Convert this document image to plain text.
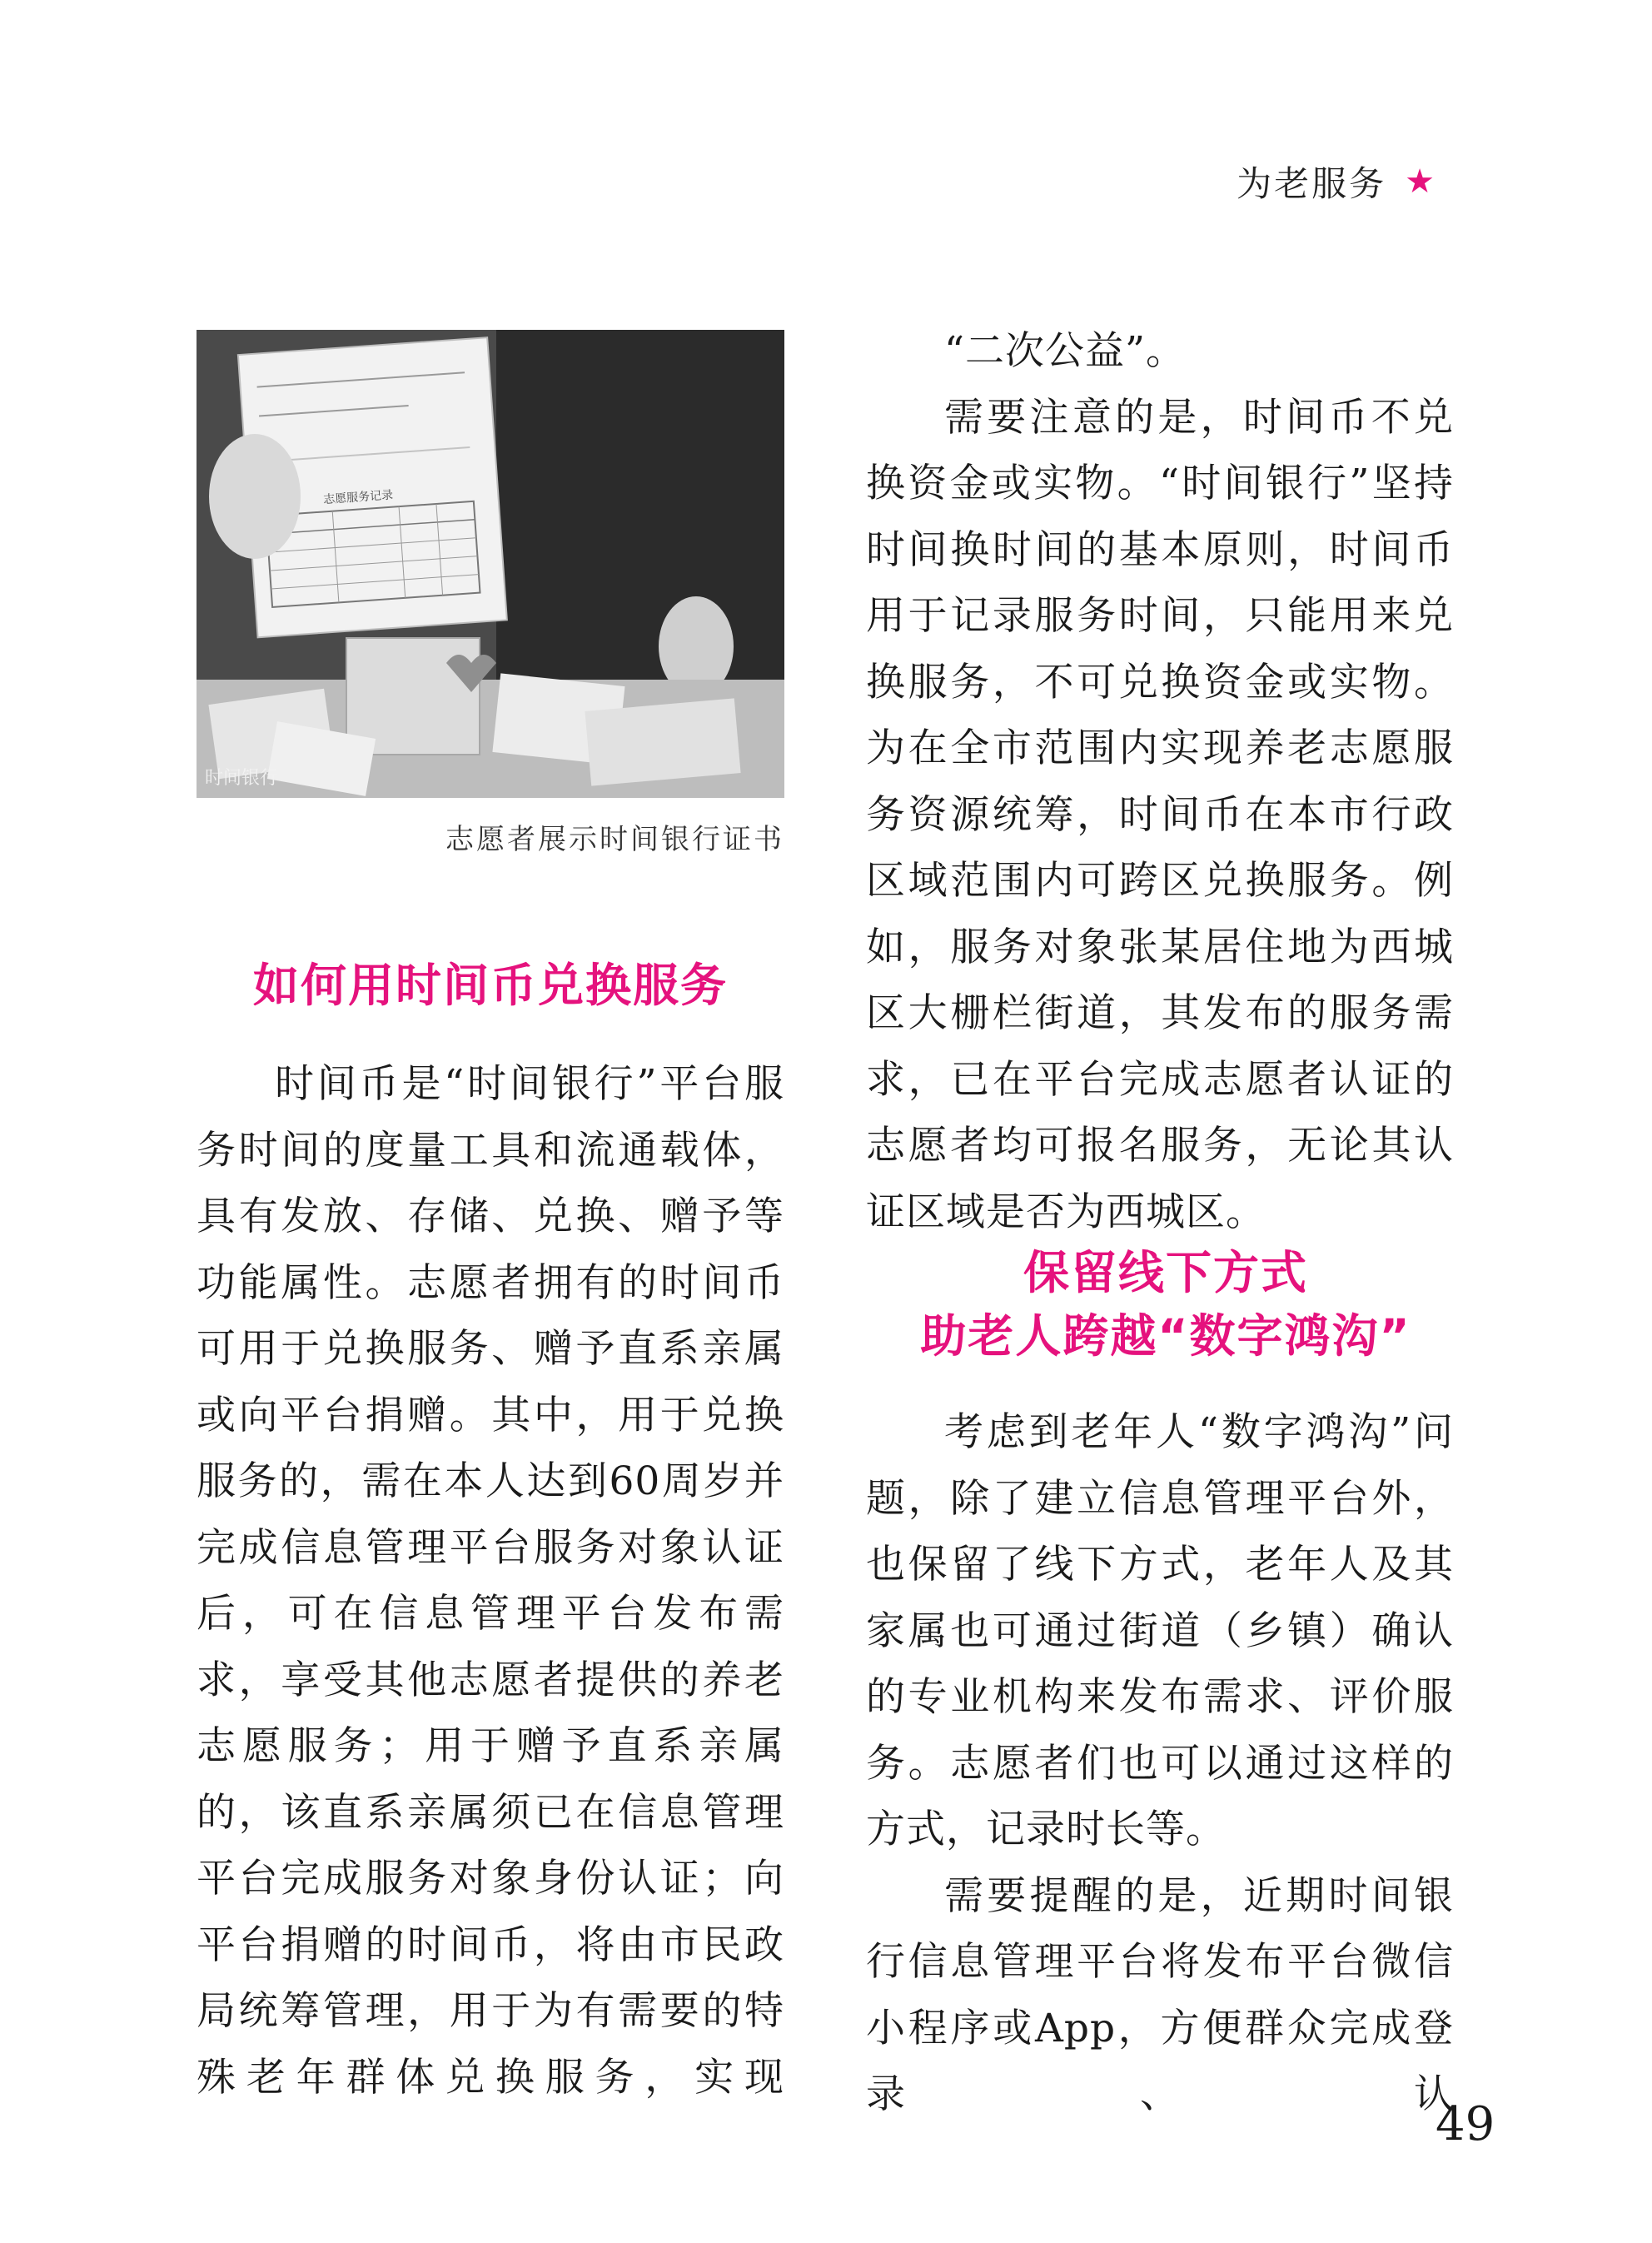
为老服务 ★
志愿服务记录
时间银行
志愿者展示时间银行证书
如何用时间币兑换服务

时间币是“时间银行”平台服务时间的度量工具和流通载体，具有发放、存储、兑换、赠予等功能属性。志愿者拥有的时间币可用于兑换服务、赠予直系亲属或向平台捐赠。其中，用于兑换服务的，需在本人达到60周岁并完成信息管理平台服务对象认证后，可在信息管理平台发布需求，享受其他志愿者提供的养老志愿服务；用于赠予直系亲属的，该直系亲属须已在信息管理平台完成服务对象身份认证；向平台捐赠的时间币，将由市民政局统筹管理，用于为有需要的特殊老年群体兑换服务，实现

“二次公益”。

需要注意的是，时间币不兑换资金或实物。“时间银行”坚持时间换时间的基本原则，时间币用于记录服务时间，只能用来兑换服务，不可兑换资金或实物。为在全市范围内实现养老志愿服务资源统筹，时间币在本市行政区域范围内可跨区兑换服务。例如，服务对象张某居住地为西城区大栅栏街道，其发布的服务需求，已在平台完成志愿者认证的志愿者均可报名服务，无论其认证区域是否为西城区。

保留线下方式
助老人跨越“数字鸿沟”

考虑到老年人“数字鸿沟”问题，除了建立信息管理平台外，也保留了线下方式，老年人及其家属也可通过街道（乡镇）确认的专业机构来发布需求、评价服务。志愿者们也可以通过这样的方式，记录时长等。

需要提醒的是，近期时间银行信息管理平台将发布平台微信小程序或App，方便群众完成登录、认

49
